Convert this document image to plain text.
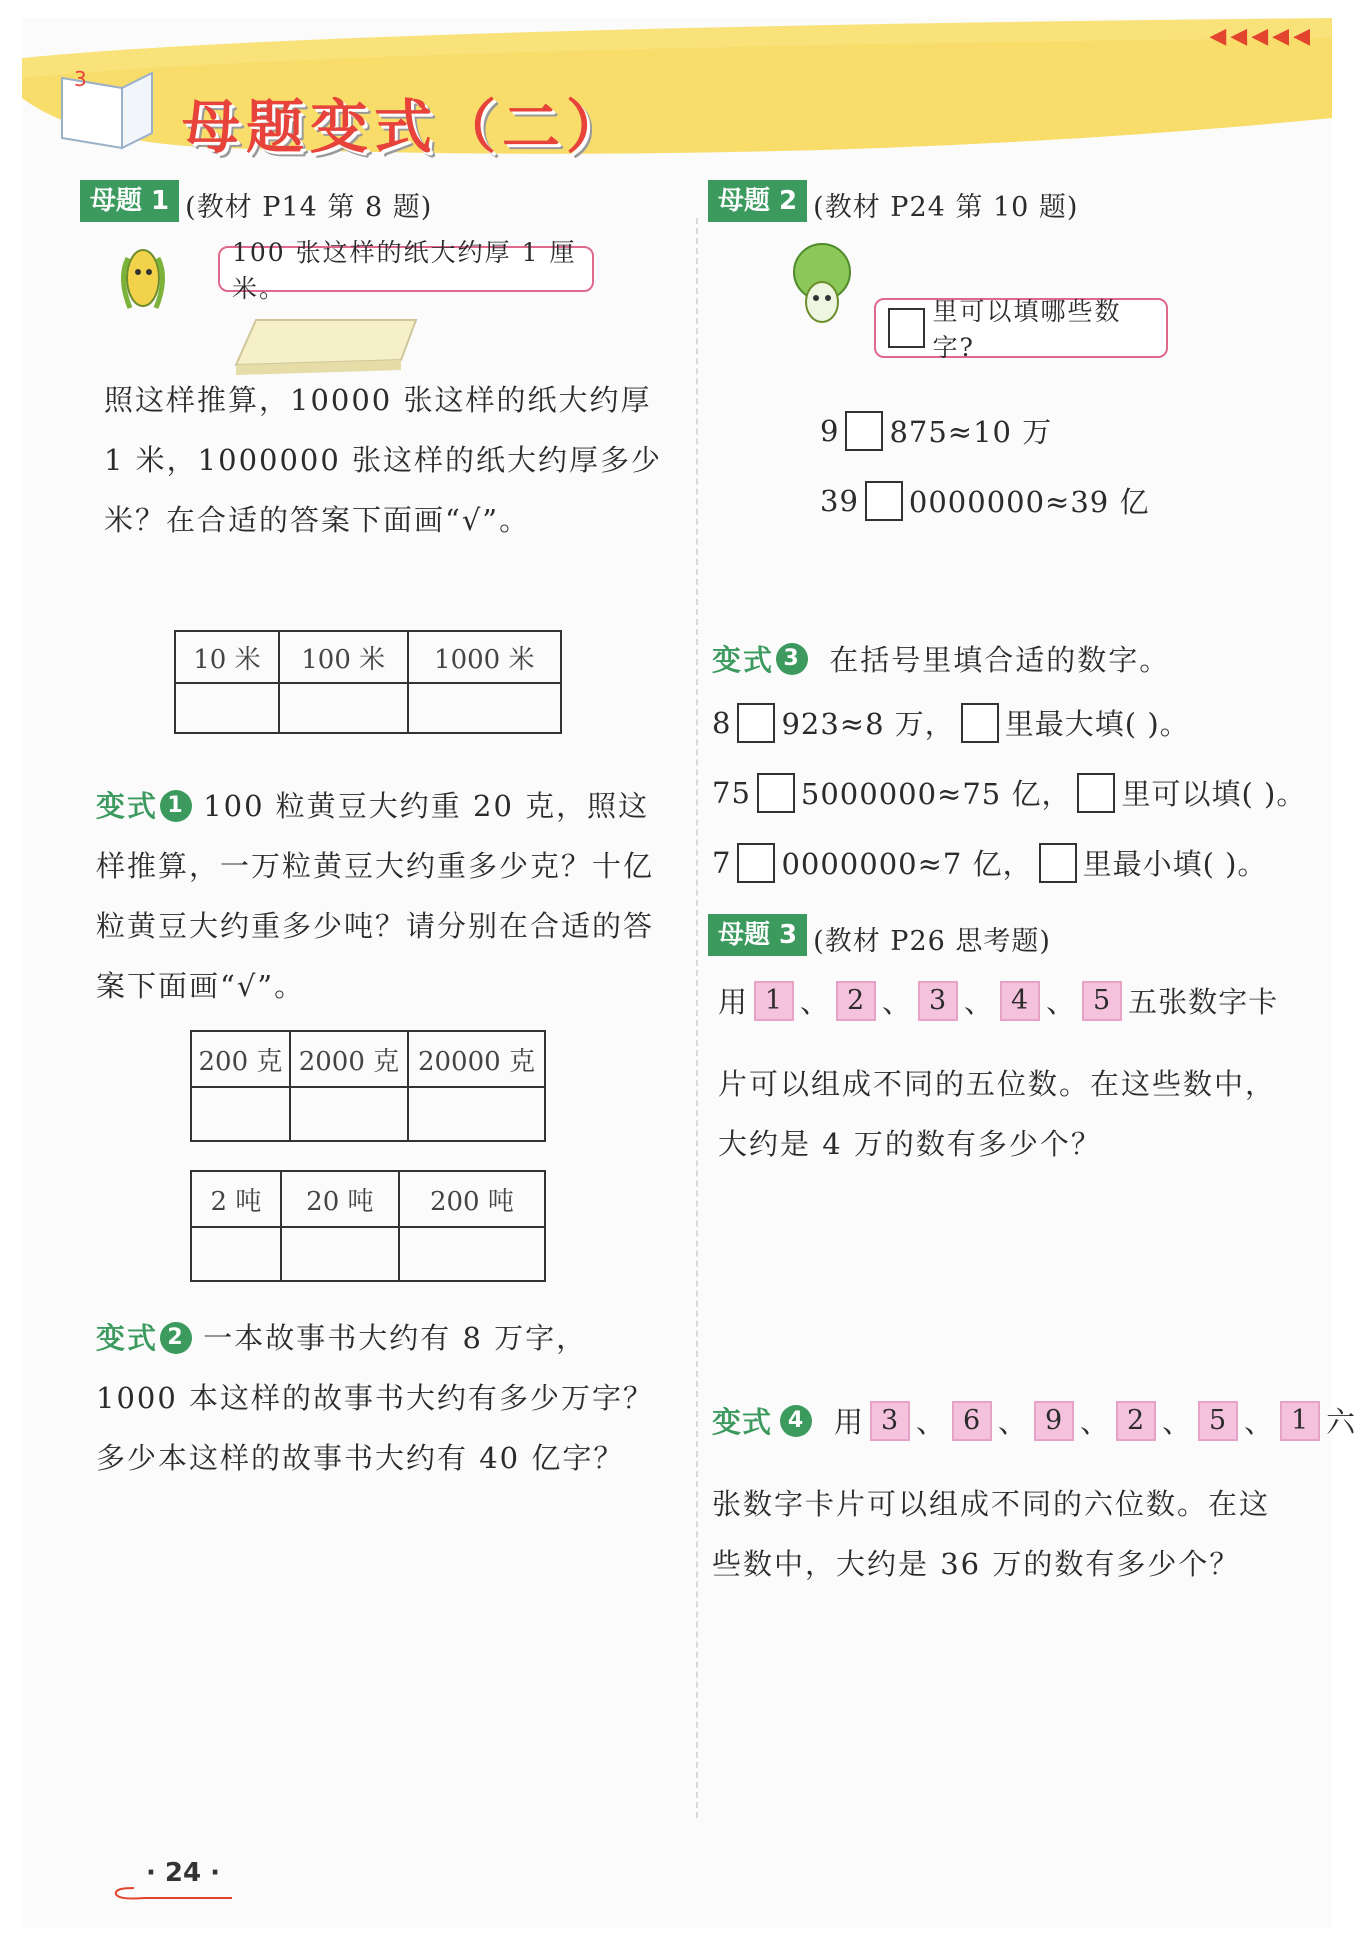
3
◀◀◀◀◀
母题变式（二）
母题 1 (教材 P14 第 8 题)
100 张这样的纸大约厚 1 厘米。
照这样推算，10000 张这样的纸大约厚 1 米，1000000 张这样的纸大约厚多少米？在合适的答案下面画“√”。
10 米	100 米	1000 米

变式 1 100 粒黄豆大约重 20 克，照这样推算，一万粒黄豆大约重多少克？十亿粒黄豆大约重多少吨？请分别在合适的答案下面画“√”。
200 克	2000 克	20000 克

2 吨	20 吨	200 吨

变式 2 一本故事书大约有 8 万字，1000 本这样的故事书大约有多少万字？多少本这样的故事书大约有 40 亿字？
母题 2 (教材 P24 第 10 题)
里可以填哪些数字?
9 875≈10 万
39 0000000≈39 亿
变式 3 在括号里填合适的数字。
8 923≈8 万， 里最大填( )。
75 5000000≈75 亿， 里可以填( )。
7 0000000≈7 亿， 里最小填( )。
母题 3 (教材 P26 思考题)
用 1 、 2 、 3 、 4 、 5 五张数字卡
片可以组成不同的五位数。在这些数中，大约是 4 万的数有多少个？
变式 4 用 3 、 6 、 9 、 2 、 5 、 1 六
张数字卡片可以组成不同的六位数。在这些数中，大约是 36 万的数有多少个？
· 24 ·
